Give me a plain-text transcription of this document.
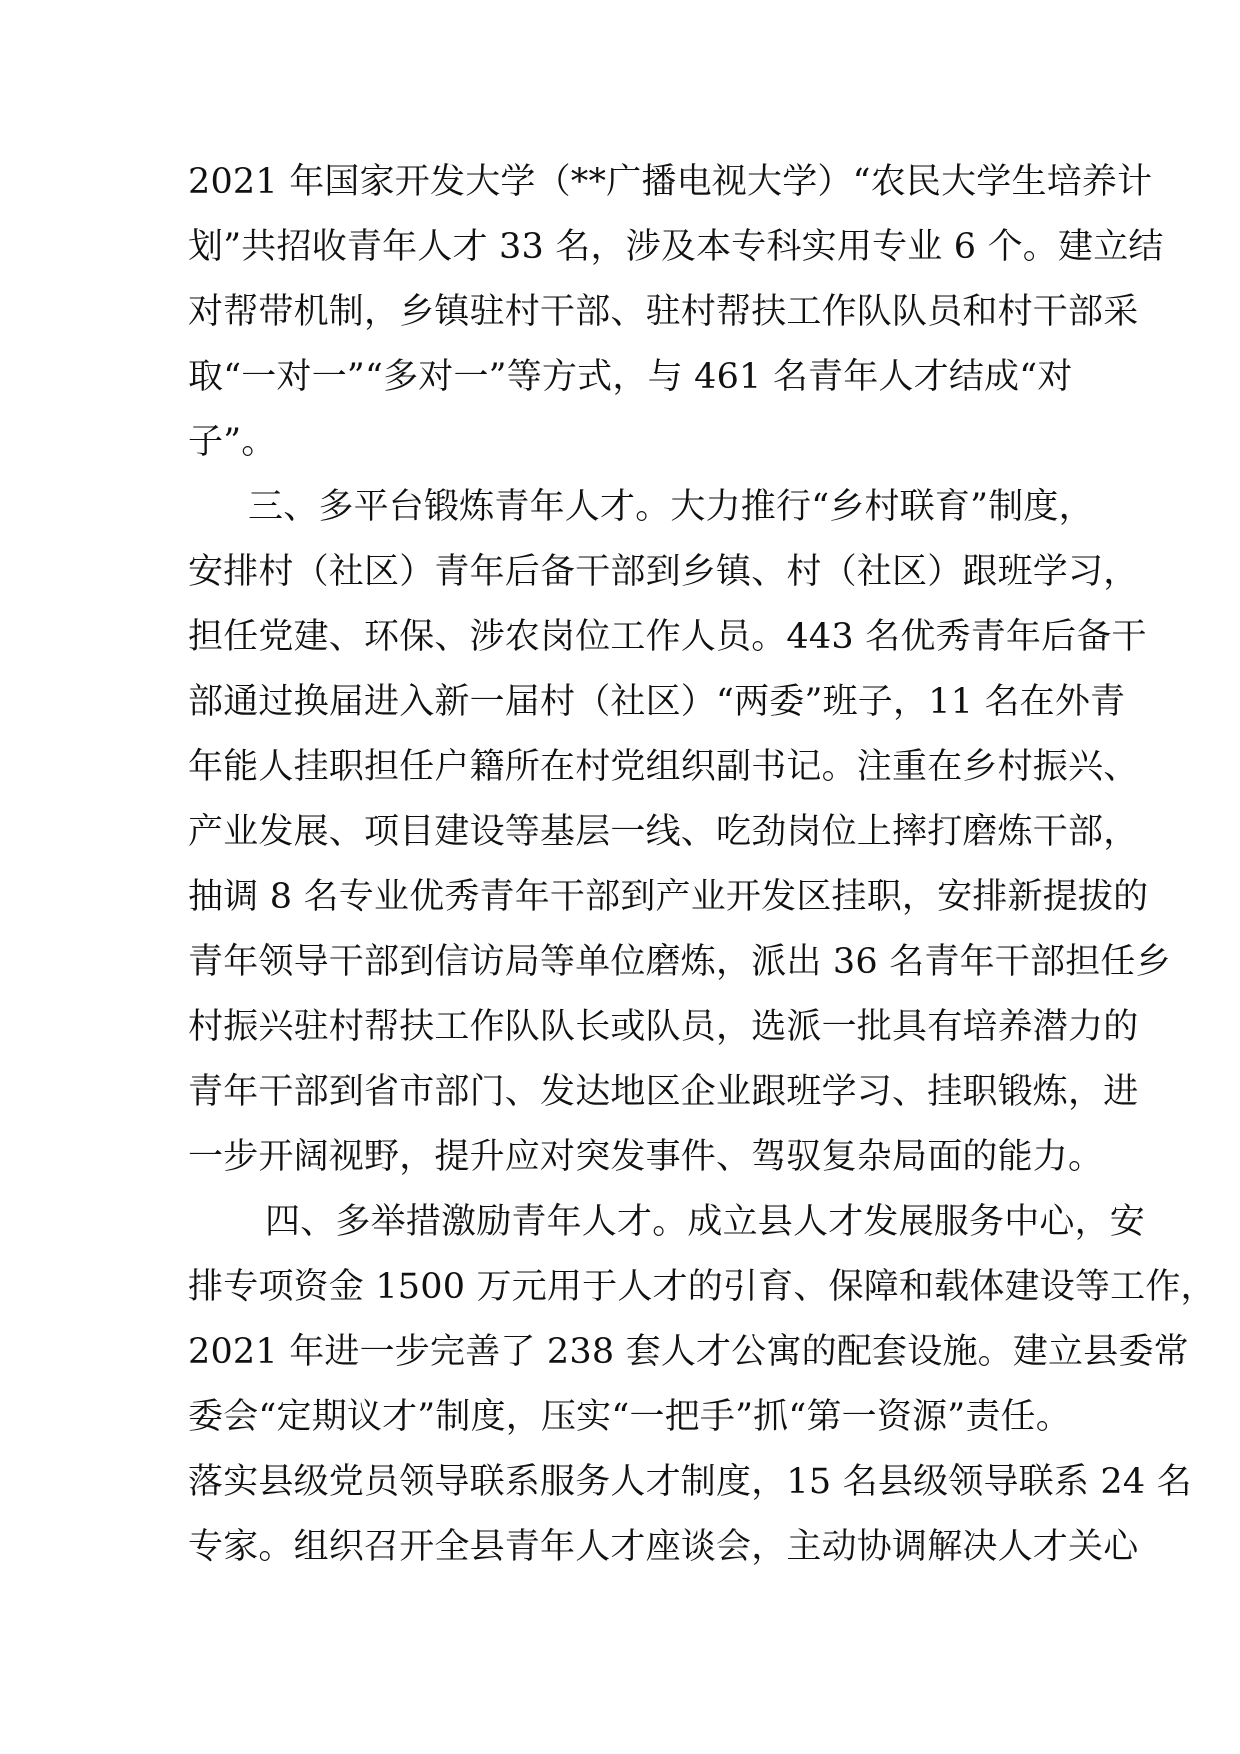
2021 年国家开发大学（**广播电视大学）“农民大学生培养计
划”共招收青年人才 33 名，涉及本专科实用专业 6 个。建立结
对帮带机制，乡镇驻村干部、驻村帮扶工作队队员和村干部采
取“一对一”“多对一”等方式，与 461 名青年人才结成“对
子”。
三、多平台锻炼青年人才。大力推行“乡村联育”制度，
安排村（社区）青年后备干部到乡镇、村（社区）跟班学习，
担任党建、环保、涉农岗位工作人员。443 名优秀青年后备干
部通过换届进入新一届村（社区）“两委”班子，11 名在外青
年能人挂职担任户籍所在村党组织副书记。注重在乡村振兴、
产业发展、项目建设等基层一线、吃劲岗位上摔打磨炼干部，
抽调 8 名专业优秀青年干部到产业开发区挂职，安排新提拔的
青年领导干部到信访局等单位磨炼，派出 36 名青年干部担任乡
村振兴驻村帮扶工作队队长或队员，选派一批具有培养潜力的
青年干部到省市部门、发达地区企业跟班学习、挂职锻炼，进
一步开阔视野，提升应对突发事件、驾驭复杂局面的能力。
四、多举措激励青年人才。成立县人才发展服务中心，安
排专项资金 1500 万元用于人才的引育、保障和载体建设等工作，
2021 年进一步完善了 238 套人才公寓的配套设施。建立县委常
委会“定期议才”制度，压实“一把手”抓“第一资源”责任。
落实县级党员领导联系服务人才制度，15 名县级领导联系 24 名
专家。组织召开全县青年人才座谈会，主动协调解决人才关心
